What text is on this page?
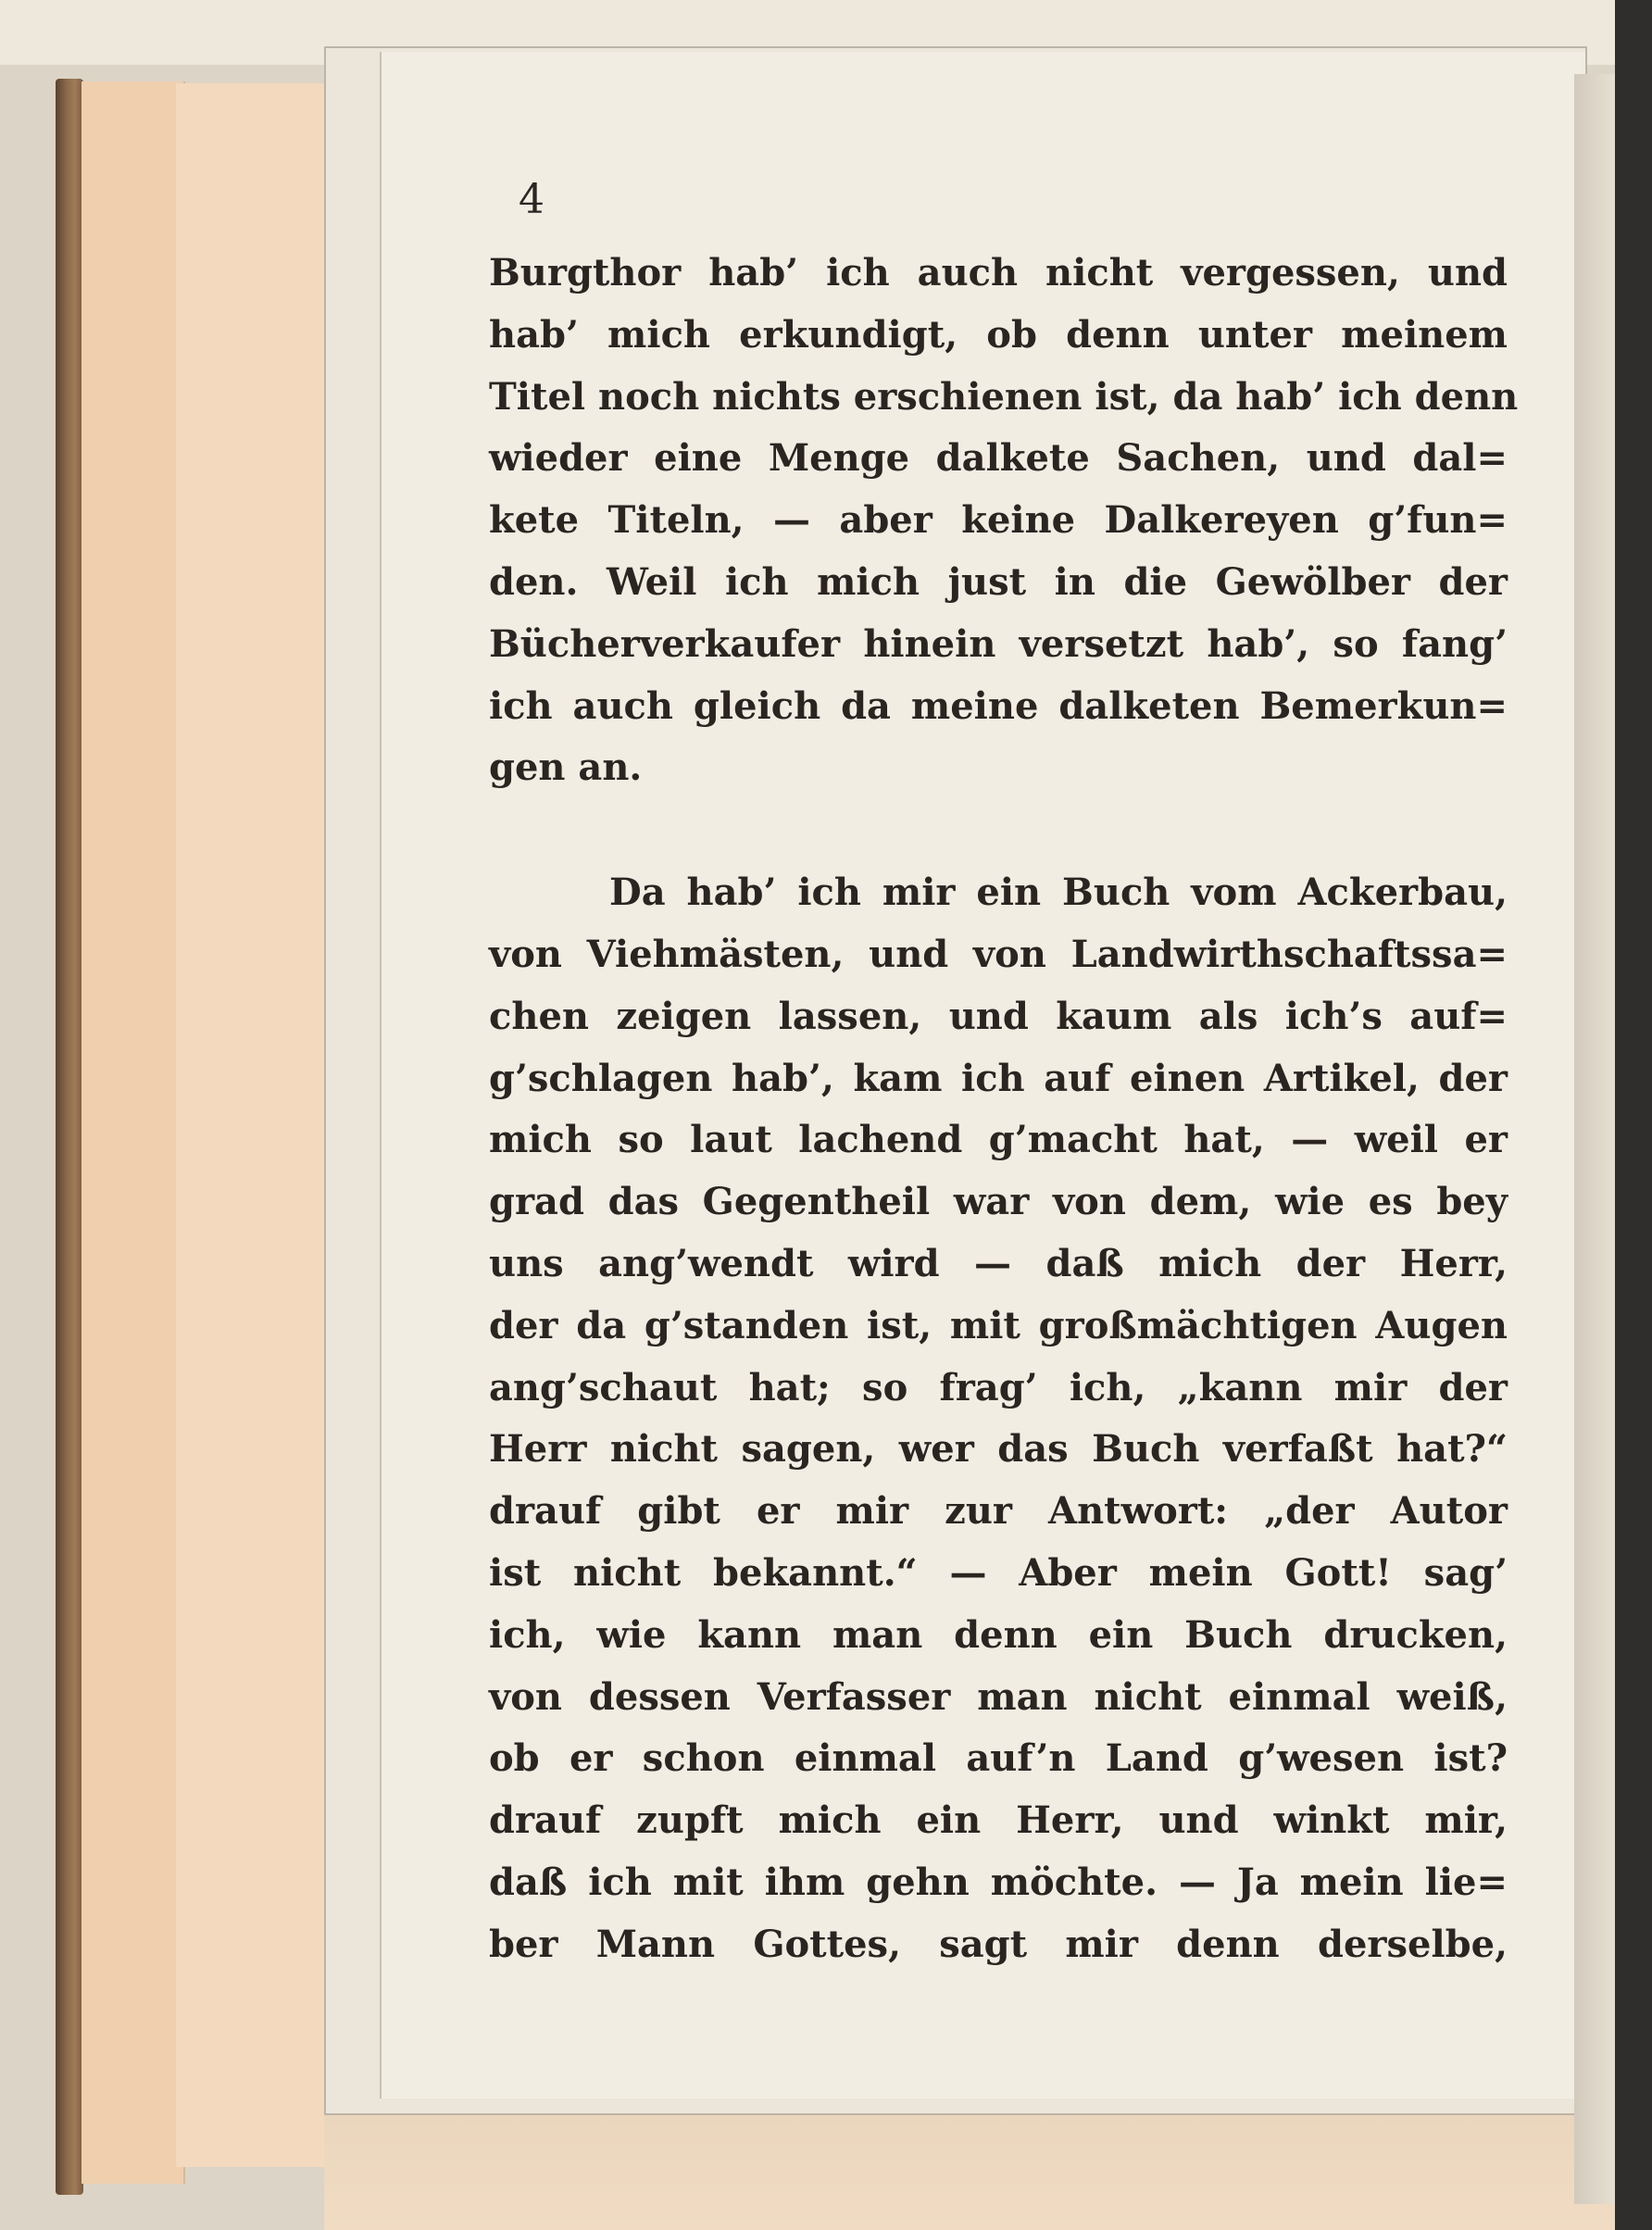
4
Burgthor hab’ ich auch nicht vergessen, und
hab’ mich erkundigt, ob denn unter meinem
Titel noch nichts erschienen ist, da hab’ ich denn
wieder eine Menge dalkete Sachen, und dal=
kete Titeln, — aber keine Dalkereyen g’fun=
den. Weil ich mich just in die Gewölber der
Bücherverkaufer hinein versetzt hab’, so fang’
ich auch gleich da meine dalketen Bemerkun=
gen an.
Da hab’ ich mir ein Buch vom Ackerbau,
von Viehmästen, und von Landwirthschaftssa=
chen zeigen lassen, und kaum als ich’s auf=
g’schlagen hab’, kam ich auf einen Artikel, der
mich so laut lachend g’macht hat, — weil er
grad das Gegentheil war von dem, wie es bey
uns ang’wendt wird — daß mich der Herr,
der da g’standen ist, mit großmächtigen Augen
ang’schaut hat; so frag’ ich, „kann mir der
Herr nicht sagen, wer das Buch verfaßt hat?“
drauf gibt er mir zur Antwort: „der Autor
ist nicht bekannt.“ — Aber mein Gott! sag’
ich, wie kann man denn ein Buch drucken,
von dessen Verfasser man nicht einmal weiß,
ob er schon einmal auf’n Land g’wesen ist?
drauf zupft mich ein Herr, und winkt mir,
daß ich mit ihm gehn möchte. — Ja mein lie=
ber Mann Gottes, sagt mir denn derselbe,
